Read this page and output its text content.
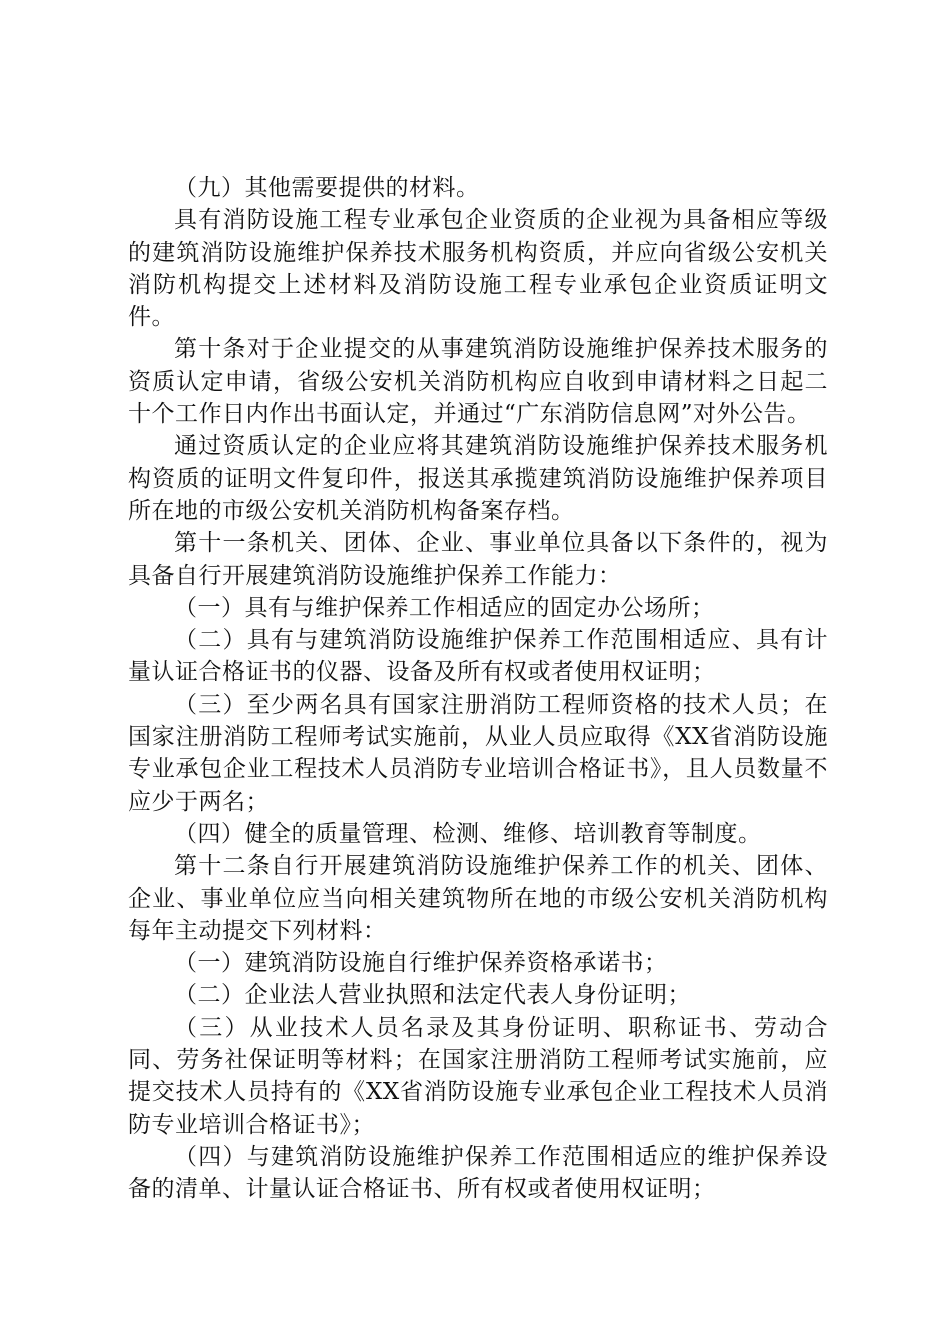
（九）其他需要提供的材料。

具有消防设施工程专业承包企业资质的企业视为具备相应等级的建筑消防设施维护保养技术服务机构资质，并应向省级公安机关消防机构提交上述材料及消防设施工程专业承包企业资质证明文件。

第十条对于企业提交的从事建筑消防设施维护保养技术服务的资质认定申请，省级公安机关消防机构应自收到申请材料之日起二十个工作日内作出书面认定，并通过“广东消防信息网”对外公告。

通过资质认定的企业应将其建筑消防设施维护保养技术服务机构资质的证明文件复印件，报送其承揽建筑消防设施维护保养项目所在地的市级公安机关消防机构备案存档。

第十一条机关、团体、企业、事业单位具备以下条件的，视为具备自行开展建筑消防设施维护保养工作能力：

（一）具有与维护保养工作相适应的固定办公场所；

（二）具有与建筑消防设施维护保养工作范围相适应、具有计量认证合格证书的仪器、设备及所有权或者使用权证明；

（三）至少两名具有国家注册消防工程师资格的技术人员；在国家注册消防工程师考试实施前，从业人员应取得《XX省消防设施专业承包企业工程技术人员消防专业培训合格证书》，且人员数量不应少于两名；

（四）健全的质量管理、检测、维修、培训教育等制度。

第十二条自行开展建筑消防设施维护保养工作的机关、团体、企业、事业单位应当向相关建筑物所在地的市级公安机关消防机构每年主动提交下列材料：

（一）建筑消防设施自行维护保养资格承诺书；

（二）企业法人营业执照和法定代表人身份证明；

（三）从业技术人员名录及其身份证明、职称证书、劳动合同、劳务社保证明等材料；在国家注册消防工程师考试实施前，应提交技术人员持有的《XX省消防设施专业承包企业工程技术人员消防专业培训合格证书》；

（四）与建筑消防设施维护保养工作范围相适应的维护保养设备的清单、计量认证合格证书、所有权或者使用权证明；
